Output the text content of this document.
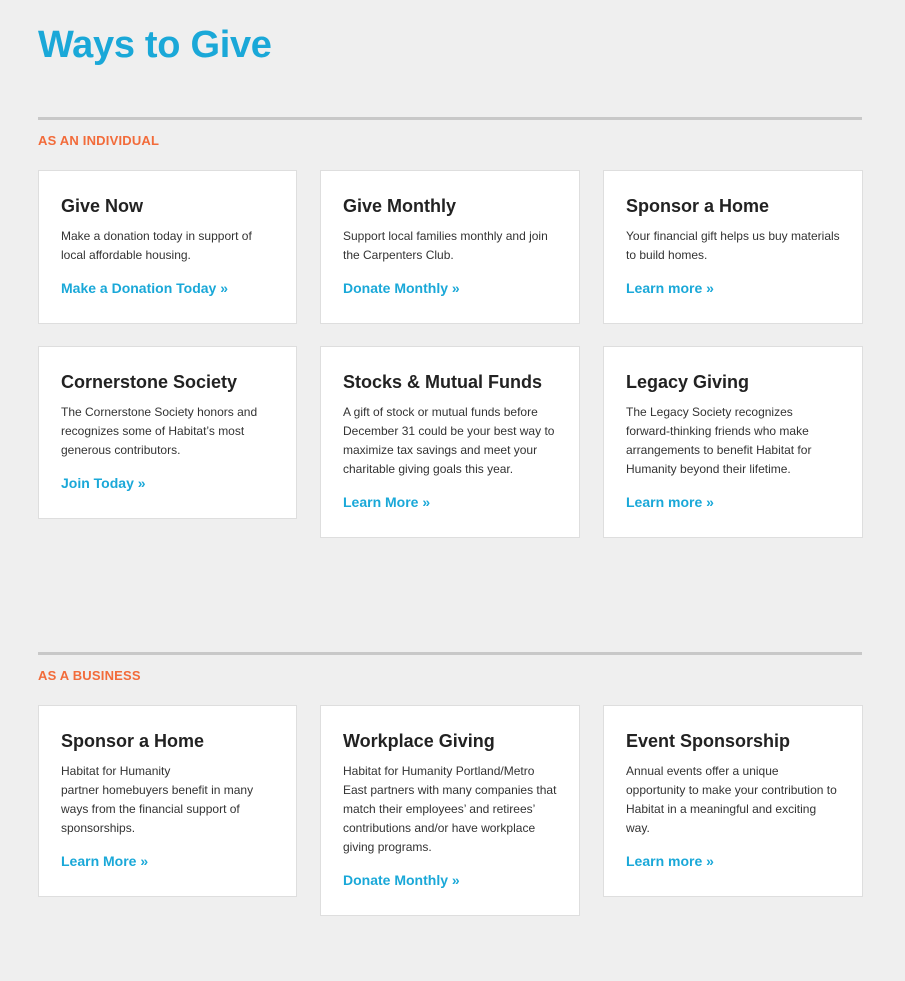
Ways to Give
AS AN INDIVIDUAL
Give Now
Make a donation today in support of local affordable housing.
Make a Donation Today »
Give Monthly
Support local families monthly and join the Carpenters Club.
Donate Monthly »
Sponsor a Home
Your financial gift helps us buy materials to build homes.
Learn more »
Cornerstone Society
The Cornerstone Society honors and recognizes some of Habitat’s most generous contributors.
Join Today »
Stocks & Mutual Funds
A gift of stock or mutual funds before December 31 could be your best way to maximize tax savings and meet your charitable giving goals this year.
Learn More »
Legacy Giving
The Legacy Society recognizes forward-thinking friends who make arrangements to benefit Habitat for Humanity beyond their lifetime.
Learn more »
AS A BUSINESS
Sponsor a Home
Habitat for Humanity
partner homebuyers benefit in many ways from the financial support of sponsorships.
Learn More »
Workplace Giving
Habitat for Humanity Portland/Metro East partners with many companies that match their employees’ and retirees’ contributions and/or have workplace giving programs.
Donate Monthly »
Event Sponsorship
Annual events offer a unique opportunity to make your contribution to Habitat in a meaningful and exciting way.
Learn more »
